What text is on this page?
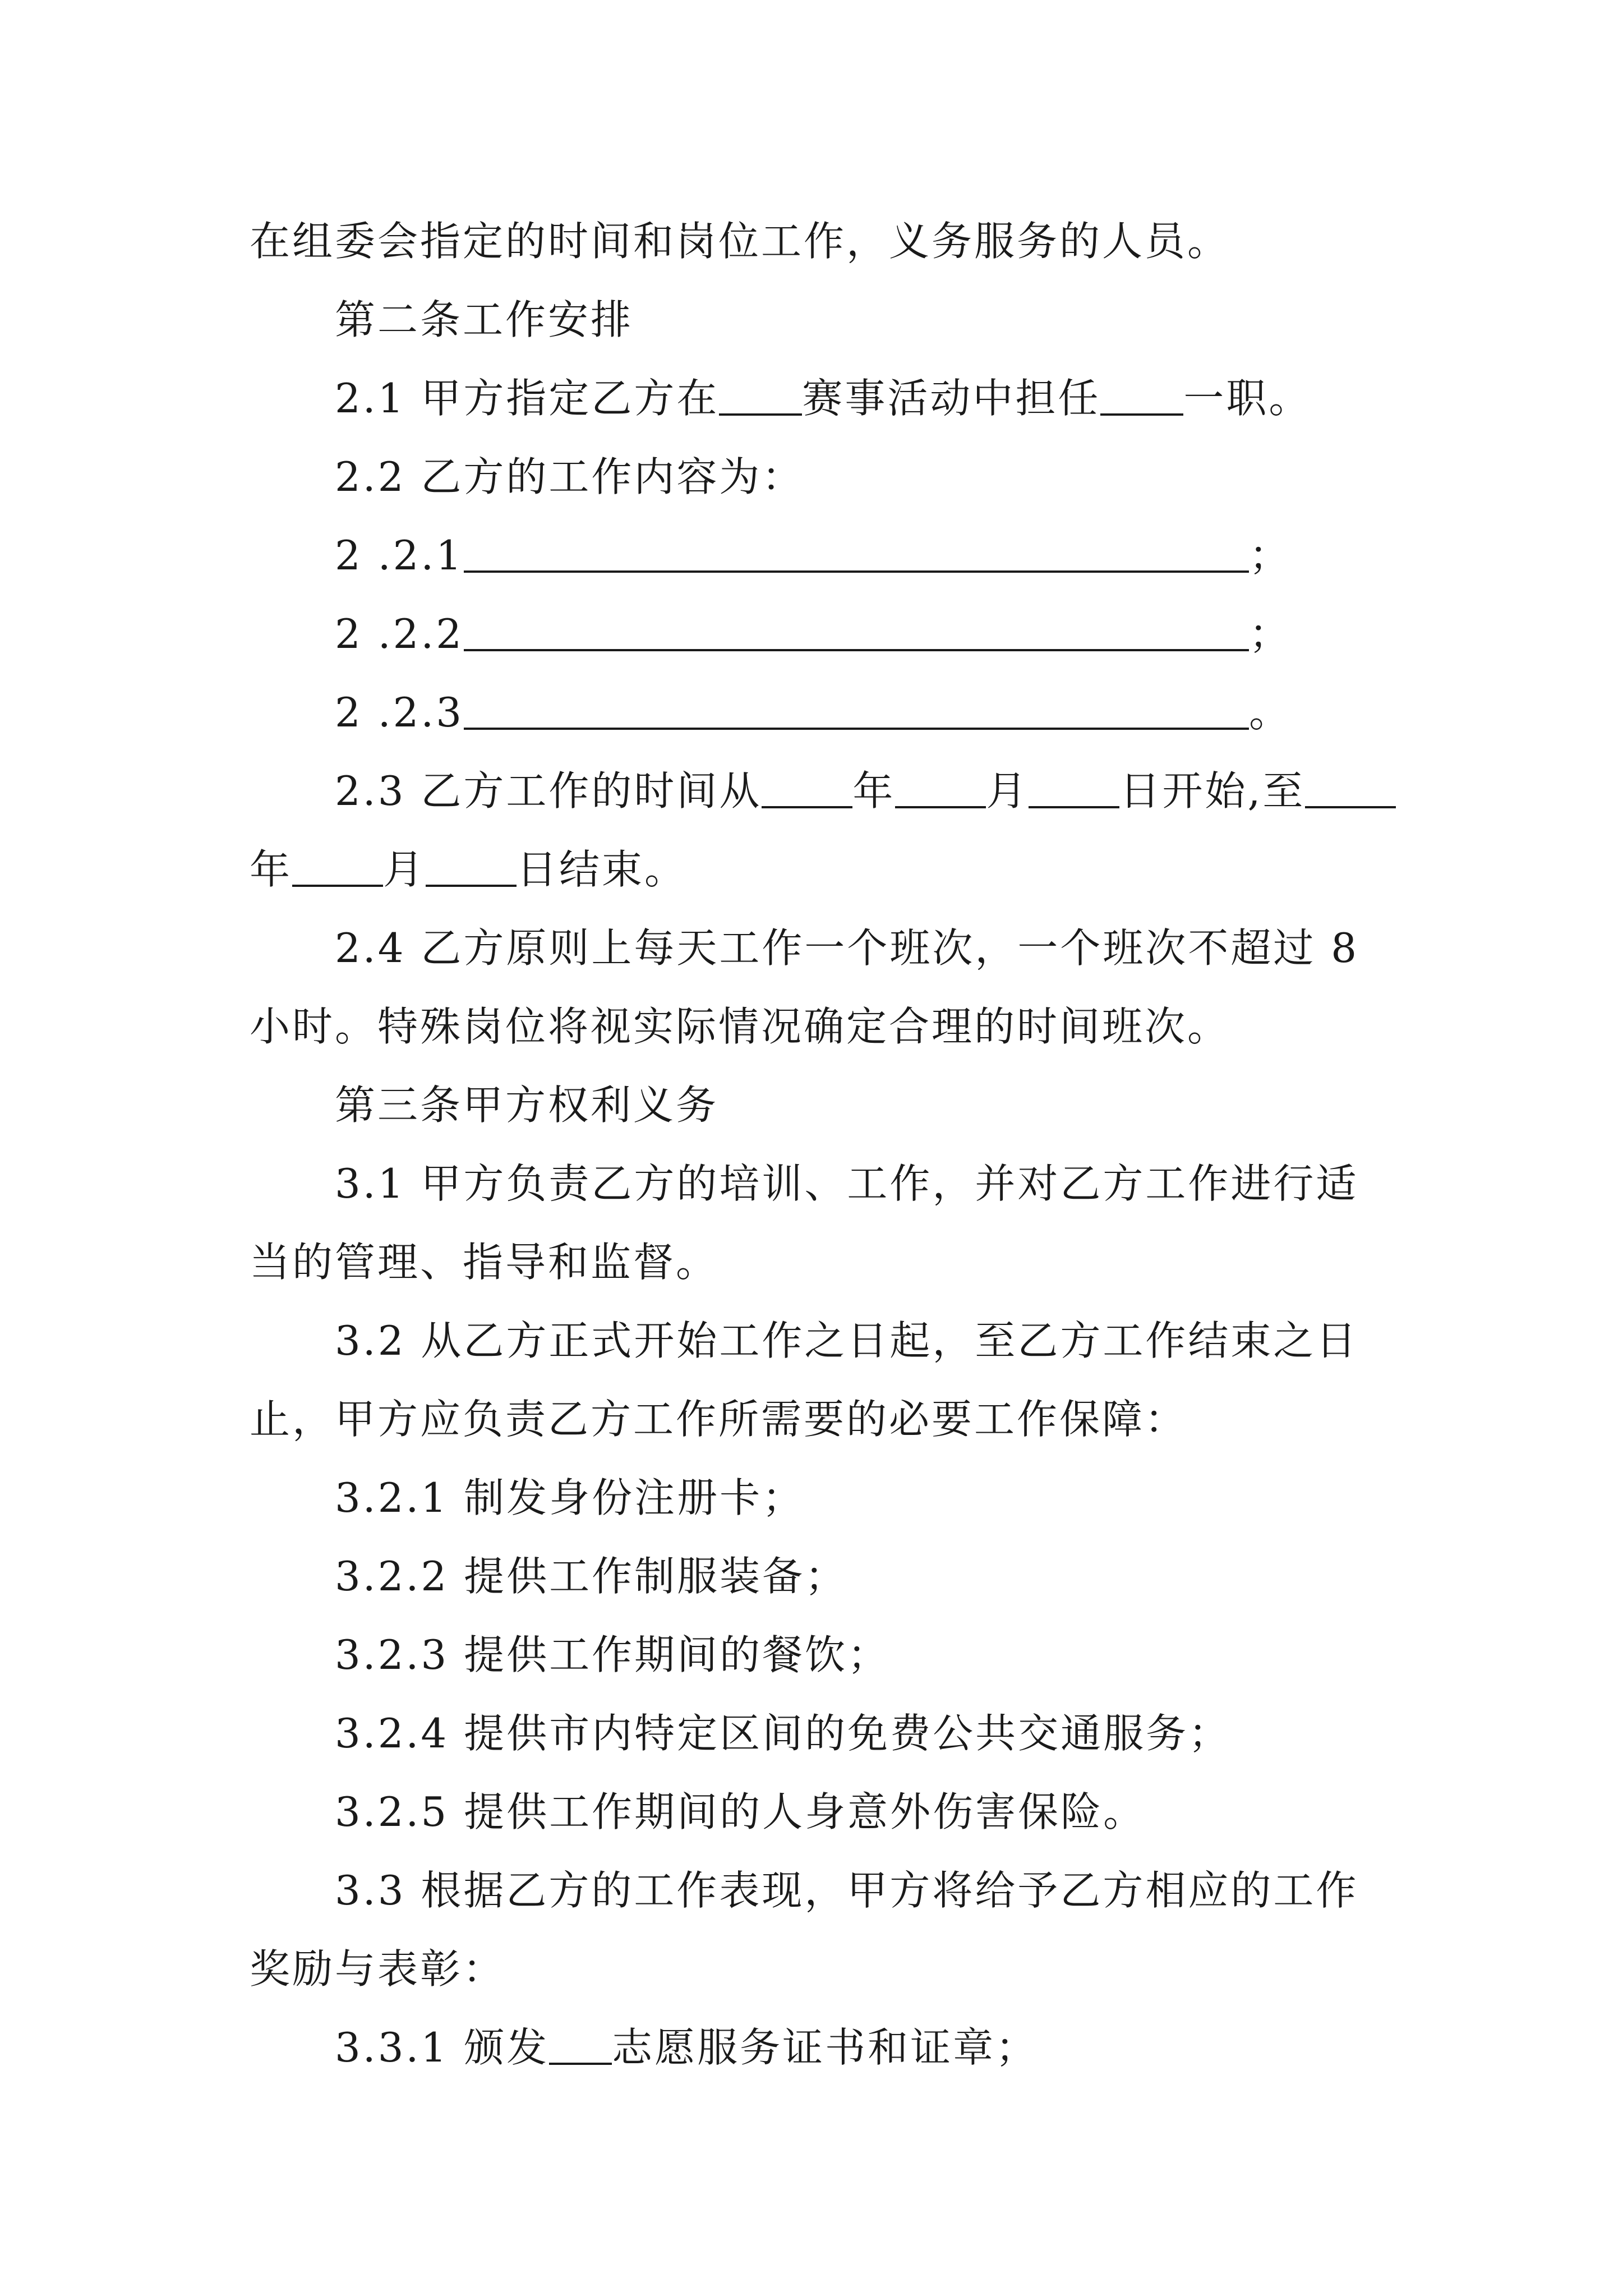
在组委会指定的时间和岗位工作，义务服务的人员。
第二条工作安排
2.1 甲方指定乙方在 赛事活动中担任 一职。
2.2 乙方的工作内容为：
2 .2.1	；
2 .2.2	；
2 .2.3	。
2.3 乙方工作的时间从 年 月 日开始,至
年 月 日结束。
2.4 乙方原则上每天工作一个班次，一个班次不超过 8
小时。特殊岗位将视实际情况确定合理的时间班次。
第三条甲方权利义务
3.1 甲方负责乙方的培训、工作，并对乙方工作进行适
当的管理、指导和监督。
3.2 从乙方正式开始工作之日起，至乙方工作结束之日
止，甲方应负责乙方工作所需要的必要工作保障：
3.2.1 制发身份注册卡；
3.2.2 提供工作制服装备；
3.2.3 提供工作期间的餐饮；
3.2.4 提供市内特定区间的免费公共交通服务；
3.2.5 提供工作期间的人身意外伤害保险。
3.3 根据乙方的工作表现，甲方将给予乙方相应的工作
奖励与表彰：
3.3.1 颁发 志愿服务证书和证章；
